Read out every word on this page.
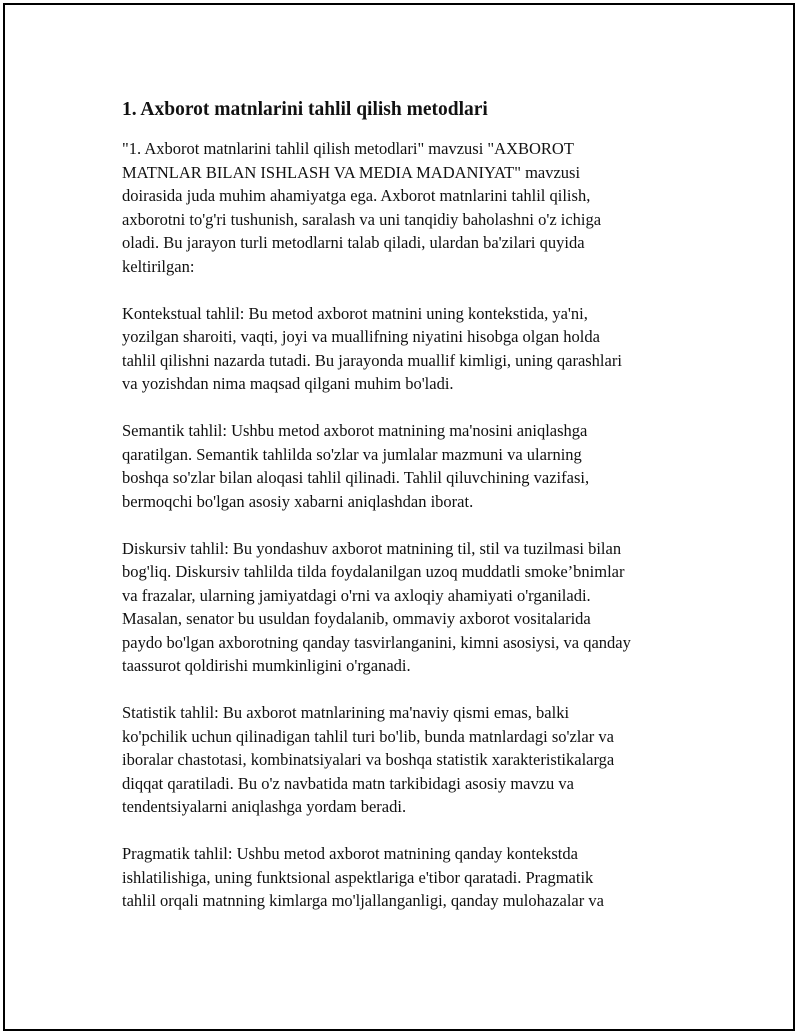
1. Axborot matnlarini tahlil qilish metodlari

"1. Axborot matnlarini tahlil qilish metodlari" mavzusi "AXBOROT
MATNLAR BILAN ISHLASH VA MEDIA MADANIYAT" mavzusi
doirasida juda muhim ahamiyatga ega. Axborot matnlarini tahlil qilish,
axborotni to'g'ri tushunish, saralash va uni tanqidiy baholashni o'z ichiga
oladi. Bu jarayon turli metodlarni talab qiladi, ulardan ba'zilari quyida
keltirilgan:

Kontekstual tahlil: Bu metod axborot matnini uning kontekstida, ya'ni,
yozilgan sharoiti, vaqti, joyi va muallifning niyatini hisobga olgan holda
tahlil qilishni nazarda tutadi. Bu jarayonda muallif kimligi, uning qarashlari
va yozishdan nima maqsad qilgani muhim bo'ladi.

Semantik tahlil: Ushbu metod axborot matnining ma'nosini aniqlashga
qaratilgan. Semantik tahlilda so'zlar va jumlalar mazmuni va ularning
boshqa so'zlar bilan aloqasi tahlil qilinadi. Tahlil qiluvchining vazifasi,
bermoqchi bo'lgan asosiy xabarni aniqlashdan iborat.

Diskursiv tahlil: Bu yondashuv axborot matnining til, stil va tuzilmasi bilan
bog'liq. Diskursiv tahlilda tilda foydalanilgan uzoq muddatli smoke’bnimlar
va frazalar, ularning jamiyatdagi o'rni va axloqiy ahamiyati o'rganiladi.
Masalan, senator bu usuldan foydalanib, ommaviy axborot vositalarida
paydo bo'lgan axborotning qanday tasvirlanganini, kimni asosiysi, va qanday
taassurot qoldirishi mumkinligini o'rganadi.

Statistik tahlil: Bu axborot matnlarining ma'naviy qismi emas, balki
ko'pchilik uchun qilinadigan tahlil turi bo'lib, bunda matnlardagi so'zlar va
iboralar chastotasi, kombinatsiyalari va boshqa statistik xarakteristikalarga
diqqat qaratiladi. Bu o'z navbatida matn tarkibidagi asosiy mavzu va
tendentsiyalarni aniqlashga yordam beradi.

Pragmatik tahlil: Ushbu metod axborot matnining qanday kontekstda
ishlatilishiga, uning funktsional aspektlariga e'tibor qaratadi. Pragmatik
tahlil orqali matnning kimlarga mo'ljallanganligi, qanday mulohazalar va
